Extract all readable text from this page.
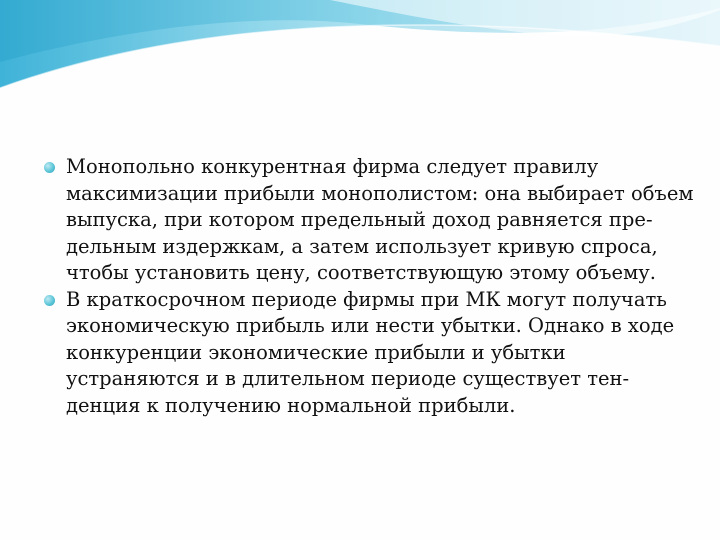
Монопольно конкурентная фирма следует правилу максимизации прибыли монополистом: она выбирает объем выпуска, при котором предельный доход равняется пре-дельным издержкам, а затем использует кривую спроса, чтобы установить цену, соответствующую этому объему.
В краткосрочном периоде фирмы при МК могут получать экономическую прибыль или нести убытки. Однако в ходе конкуренции экономические прибыли и убытки устраняются и в длительном периоде существует тен-денция к получению нормальной прибыли.
